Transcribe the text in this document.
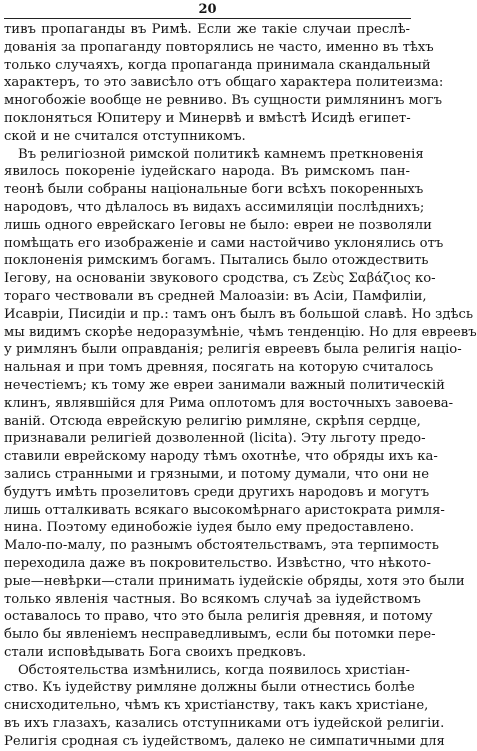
20
тивъ пропаганды въ Римѣ. Если же такіе случаи преслѣ-
дованія за пропаганду повторялись не часто, именно въ тѣхъ
только случаяхъ, когда пропаганда принимала скандальный
характеръ, то это зависѣло отъ общаго характера политеизма:
многобожіе вообще не ревниво. Въ сущности римлянинъ могъ
поклоняться Юпитеру и Минервѣ и вмѣстѣ Исидѣ египет-
ской и не считался отступникомъ.
Въ религіозной римской политикѣ камнемъ преткновенія
явилось покореніе іудейскаго народа. Въ римскомъ пан-
теонѣ были собраны національные боги всѣхъ покоренныхъ
народовъ, что дѣлалось въ видахъ ассимиляціи послѣднихъ;
лишь одного еврейскаго Іеговы не было: евреи не позволяли
помѣщать его изображеніе и сами настойчиво уклонялись отъ
поклоненія римскимъ богамъ. Пытались было отождествить
Іегову, на основаніи звукового сродства, съ Ζεὺς Σαβάζιος ко-
тораго чествовали въ средней Малоазіи: въ Асіи, Памфиліи,
Исавріи, Писидіи и пр.: тамъ онъ былъ въ большой славѣ. Но здѣсь
мы видимъ скорѣе недоразумѣніе, чѣмъ тенденцію. Но для евреевъ
у римлянъ были оправданія; религія евреевъ была религія націо-
нальная и при томъ древняя, посягать на которую считалось
нечестіемъ; къ тому же евреи занимали важный политическій
клинъ, являвшійся для Рима оплотомъ для восточныхъ завоева-
ваній. Отсюда еврейскую религію римляне, скрѣпя сердце,
признавали религіей дозволенной (licita). Эту льготу предо-
ставили еврейскому народу тѣмъ охотнѣе, что обряды ихъ ка-
зались странными и грязными, и потому думали, что они не
будутъ имѣть прозелитовъ среди другихъ народовъ и могутъ
лишь отталкивать всякаго высокомѣрнаго аристократа римля-
нина. Поэтому единобожіе іудея было ему предоставлено.
Мало-по-малу, по разнымъ обстоятельствамъ, эта терпимость
переходила даже въ покровительство. Извѣстно, что нѣкото-
рые—невѣрки—стали принимать іудейскіе обряды, хотя это были
только явленія частныя. Во всякомъ случаѣ за іудействомъ
оставалось то право, что это была религія древняя, и потому
было бы явленіемъ несправедливымъ, если бы потомки пере-
стали исповѣдывать Бога своихъ предковъ.
Обстоятельства измѣнились, когда появилось христіан-
ство. Къ іудейству римляне должны были отнестись болѣе
снисходительно, чѣмъ къ христіанству, такъ какъ христіане,
въ ихъ глазахъ, казались отступниками отъ іудейской религіи.
Религія сродная съ іудействомъ, далеко не симпатичными для
